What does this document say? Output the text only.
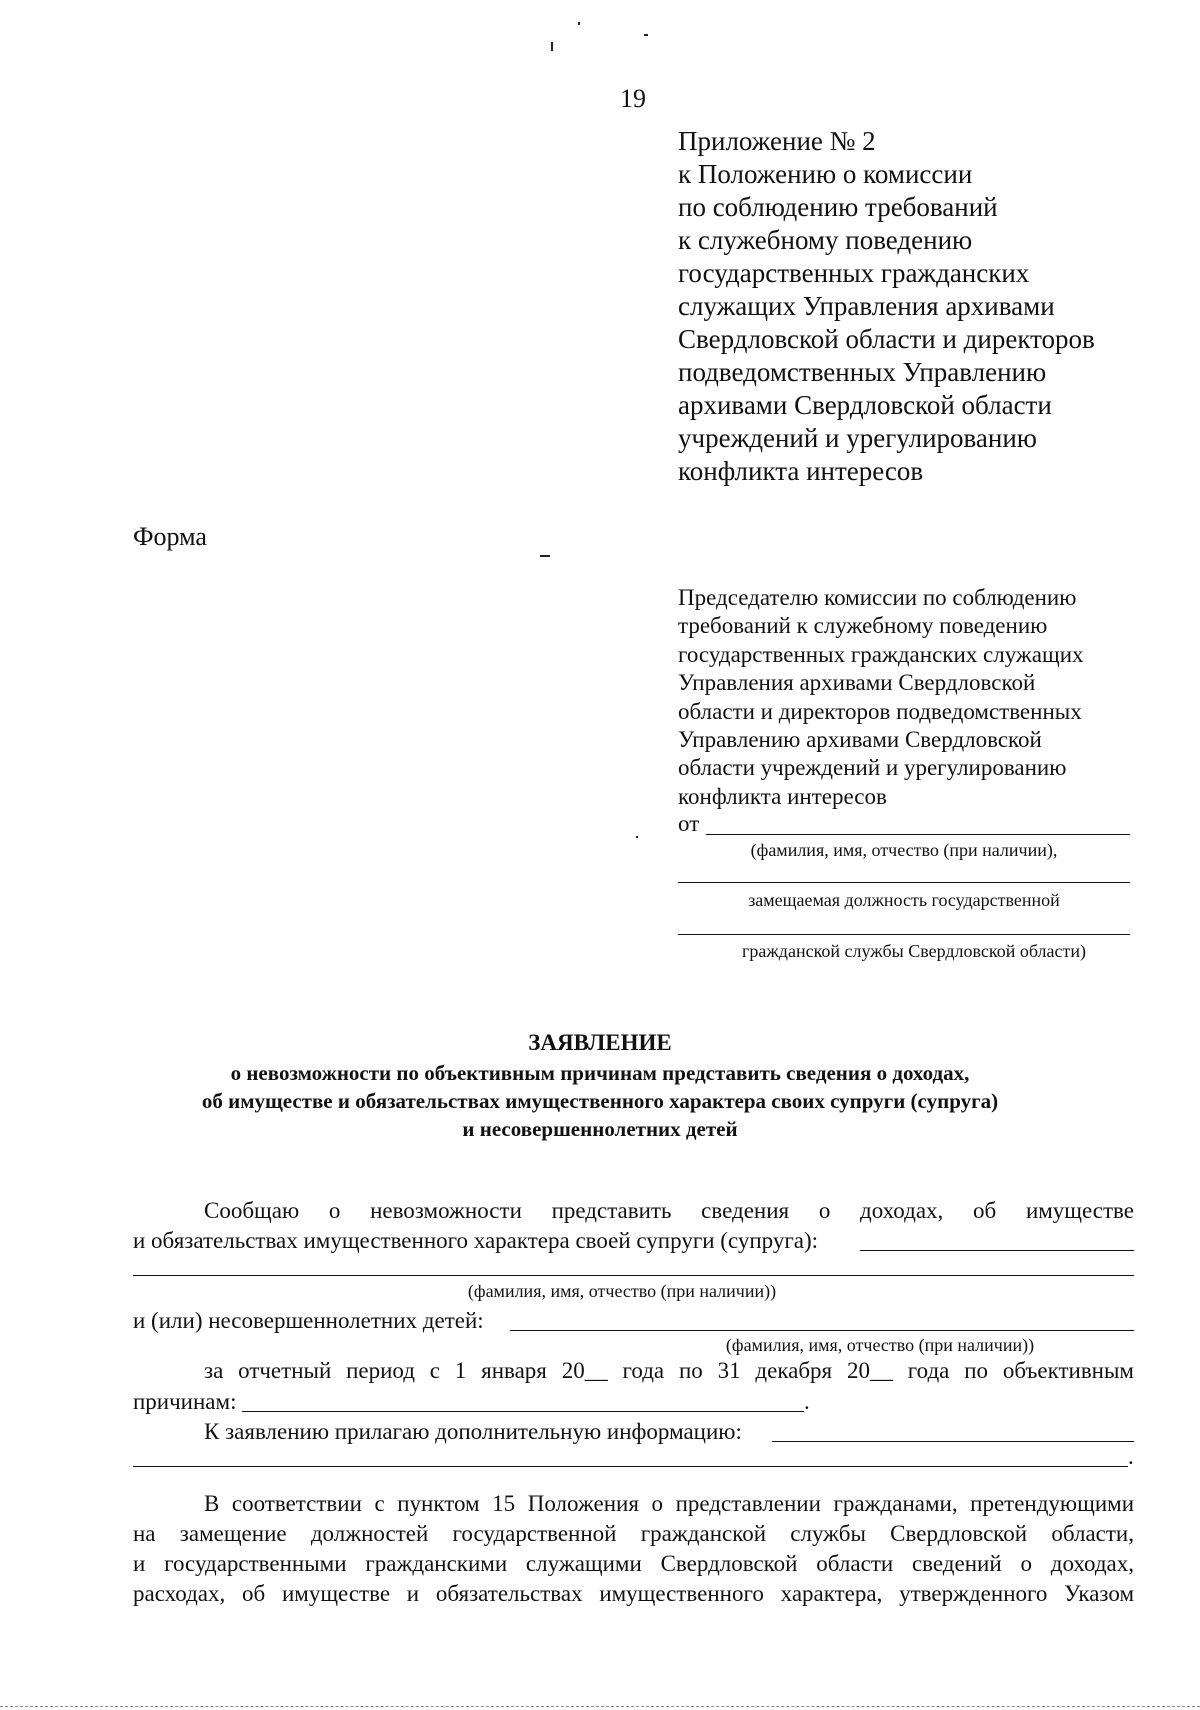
19
Приложение № 2
к Положению о комиссии
по соблюдению требований
к служебному поведению
государственных гражданских
служащих Управления архивами
Свердловской области и директоров
подведомственных Управлению
архивами Свердловской области
учреждений и урегулированию
конфликта интересов
Форма
Председателю комиссии по соблюдению
требований к служебному поведению
государственных гражданских служащих
Управления архивами Свердловской
области и директоров подведомственных
Управлению архивами Свердловской
области учреждений и урегулированию
конфликта интересов
от
(фамилия, имя, отчество (при наличии),
замещаемая должность государственной
гражданской службы Свердловской области)
ЗАЯВЛЕНИЕ
о невозможности по объективным причинам представить сведения о доходах,
об имуществе и обязательствах имущественного характера своих супруги (супруга)
и несовершеннолетних детей
Сообщаю о невозможности представить сведения о доходах, об имуществе
и обязательствах имущественного характера своей супруги (супруга):
(фамилия, имя, отчество (при наличии))
и (или) несовершеннолетних детей:
(фамилия, имя, отчество (при наличии))
за отчетный период с 1 января 20__ года по 31 декабря 20__ года по объективным
причинам:	.
К заявлению прилагаю дополнительную информацию:
.
В соответствии с пунктом 15 Положения о представлении гражданами, претендующими
на замещение должностей государственной гражданской службы Свердловской области,
и государственными гражданскими служащими Свердловской области сведений о доходах,
расходах, об имуществе и обязательствах имущественного характера, утвержденного Указом
